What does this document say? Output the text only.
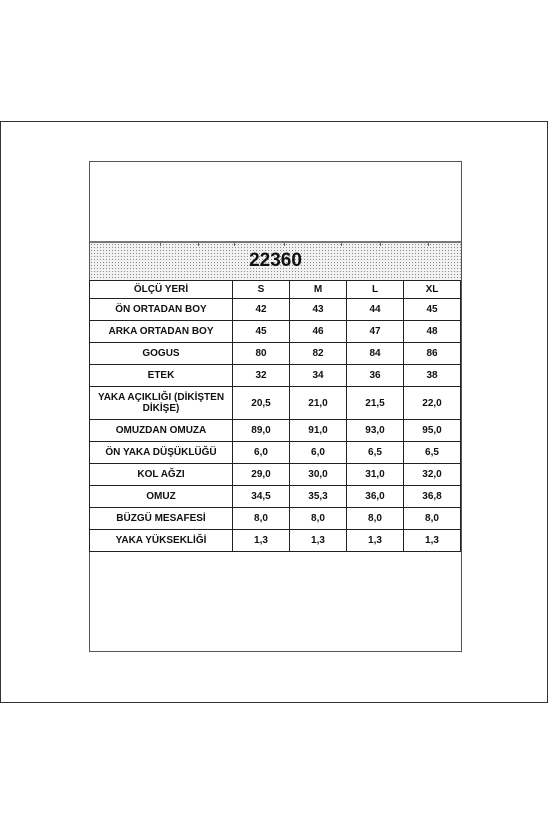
22360
ÖLÇÜ YERİ	S	M	L	XL
ÖN ORTADAN BOY	42	43	44	45
ARKA ORTADAN BOY	45	46	47	48
GOGUS	80	82	84	86
ETEK	32	34	36	38
YAKA AÇIKLIĞI (DİKİŞTEN DİKİŞE)	20,5	21,0	21,5	22,0
OMUZDAN OMUZA	89,0	91,0	93,0	95,0
ÖN YAKA DÜŞÜKLÜĞÜ	6,0	6,0	6,5	6,5
KOL AĞZI	29,0	30,0	31,0	32,0
OMUZ	34,5	35,3	36,0	36,8
BÜZGÜ MESAFESİ	8,0	8,0	8,0	8,0
YAKA YÜKSEKLİĞİ	1,3	1,3	1,3	1,3
